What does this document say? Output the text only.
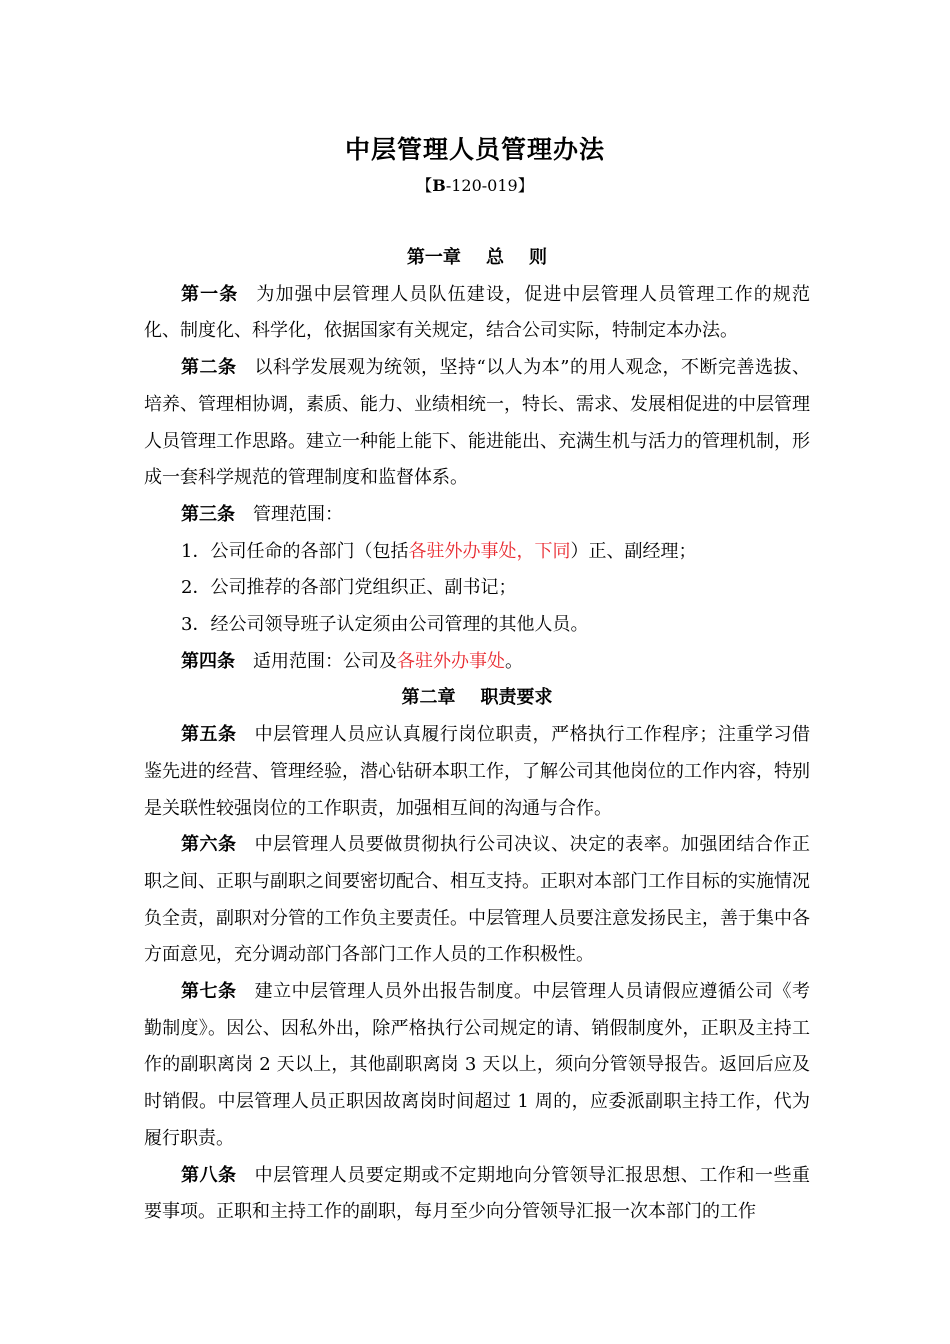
中层管理人员管理办法
【B-120-019】
第一章    总    则
第一条 为加强中层管理人员队伍建设，促进中层管理人员管理工作的规范化、制度化、科学化，依据国家有关规定，结合公司实际，特制定本办法。
第二条 以科学发展观为统领，坚持“以人为本”的用人观念，不断完善选拔、培养、管理相协调，素质、能力、业绩相统一，特长、需求、发展相促进的中层管理人员管理工作思路。建立一种能上能下、能进能出、充满生机与活力的管理机制，形成一套科学规范的管理制度和监督体系。
第三条 管理范围：
1．公司任命的各部门（包括各驻外办事处，下同）正、副经理；
2．公司推荐的各部门党组织正、副书记；
3．经公司领导班子认定须由公司管理的其他人员。
第四条 适用范围：公司及各驻外办事处。
第二章    职责要求
第五条 中层管理人员应认真履行岗位职责，严格执行工作程序；注重学习借鉴先进的经营、管理经验，潜心钻研本职工作，了解公司其他岗位的工作内容，特别是关联性较强岗位的工作职责，加强相互间的沟通与合作。
第六条 中层管理人员要做贯彻执行公司决议、决定的表率。加强团结合作正职之间、正职与副职之间要密切配合、相互支持。正职对本部门工作目标的实施情况负全责，副职对分管的工作负主要责任。中层管理人员要注意发扬民主，善于集中各方面意见，充分调动部门各部门工作人员的工作积极性。
第七条 建立中层管理人员外出报告制度。中层管理人员请假应遵循公司《考勤制度》。因公、因私外出，除严格执行公司规定的请、销假制度外，正职及主持工作的副职离岗 2 天以上，其他副职离岗 3 天以上，须向分管领导报告。返回后应及时销假。中层管理人员正职因故离岗时间超过 1 周的，应委派副职主持工作，代为履行职责。
第八条 中层管理人员要定期或不定期地向分管领导汇报思想、工作和一些重要事项。正职和主持工作的副职，每月至少向分管领导汇报一次本部门的工作
